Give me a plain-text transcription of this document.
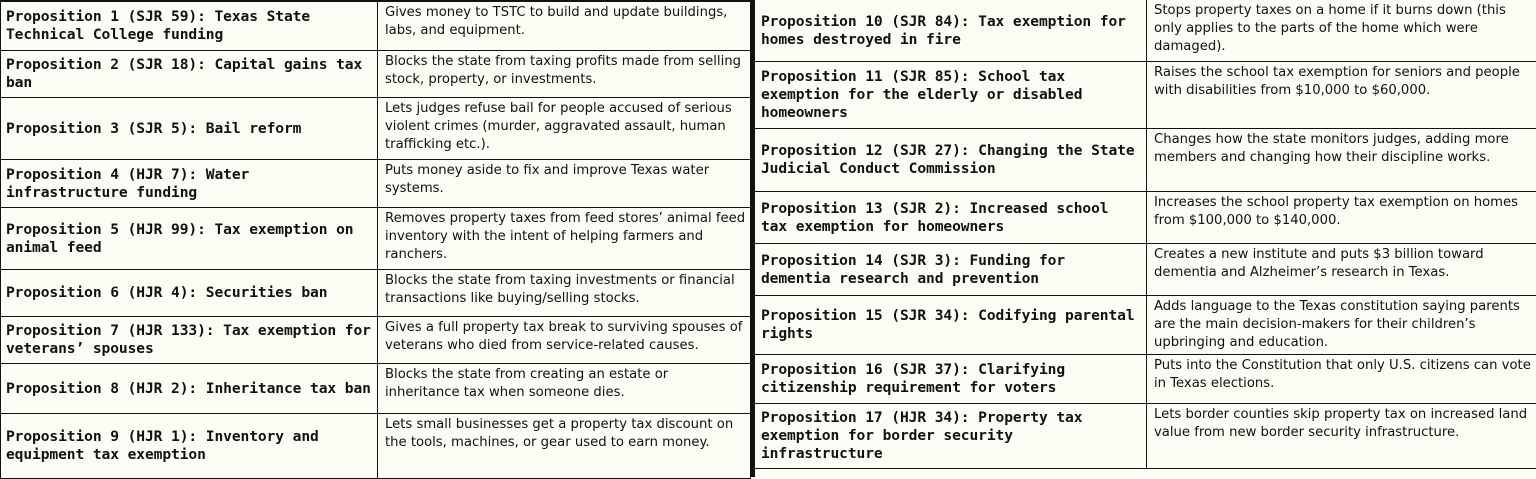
Proposition 1 (SJR 59): Texas State Technical College funding
Gives money to TSTC to build and update buildings, labs, and equipment.
Proposition 2 (SJR 18): Capital gains tax ban
Blocks the state from taxing profits made from selling stock, property, or investments.
Proposition 3 (SJR 5): Bail reform
Lets judges refuse bail for people accused of serious violent crimes (murder, aggravated assault, human trafficking etc.).
Proposition 4 (HJR 7): Water infrastructure funding
Puts money aside to fix and improve Texas water systems.
Proposition 5 (HJR 99): Tax exemption on animal feed
Removes property taxes from feed stores’ animal feed inventory with the intent of helping farmers and ranchers.
Proposition 6 (HJR 4): Securities ban
Blocks the state from taxing investments or financial transactions like buying/selling stocks.
Proposition 7 (HJR 133): Tax exemption for veterans’ spouses
Gives a full property tax break to surviving spouses of veterans who died from service-related causes.
Proposition 8 (HJR 2): Inheritance tax ban
Blocks the state from creating an estate or inheritance tax when someone dies.
Proposition 9 (HJR 1): Inventory and equipment tax exemption
Lets small businesses get a property tax discount on the tools, machines, or gear used to earn money.
Proposition 10 (SJR 84): Tax exemption for homes destroyed in fire
Stops property taxes on a home if it burns down (this only applies to the parts of the home which were damaged).
Proposition 11 (SJR 85): School tax exemption for the elderly or disabled homeowners
Raises the school tax exemption for seniors and people with disabilities from $10,000 to $60,000.
Proposition 12 (SJR 27): Changing the State Judicial Conduct Commission
Changes how the state monitors judges, adding more members and changing how their discipline works.
Proposition 13 (SJR 2): Increased school tax exemption for homeowners
Increases the school property tax exemption on homes from $100,000 to $140,000.
Proposition 14 (SJR 3): Funding for dementia research and prevention
Creates a new institute and puts $3 billion toward dementia and Alzheimer’s research in Texas.
Proposition 15 (SJR 34): Codifying parental rights
Adds language to the Texas constitution saying parents are the main decision-makers for their children’s upbringing and education.
Proposition 16 (SJR 37): Clarifying citizenship requirement for voters
Puts into the Constitution that only U.S. citizens can vote in Texas elections.
Proposition 17 (HJR 34): Property tax exemption for border security infrastructure
Lets border counties skip property tax on increased land value from new border security infrastructure.
